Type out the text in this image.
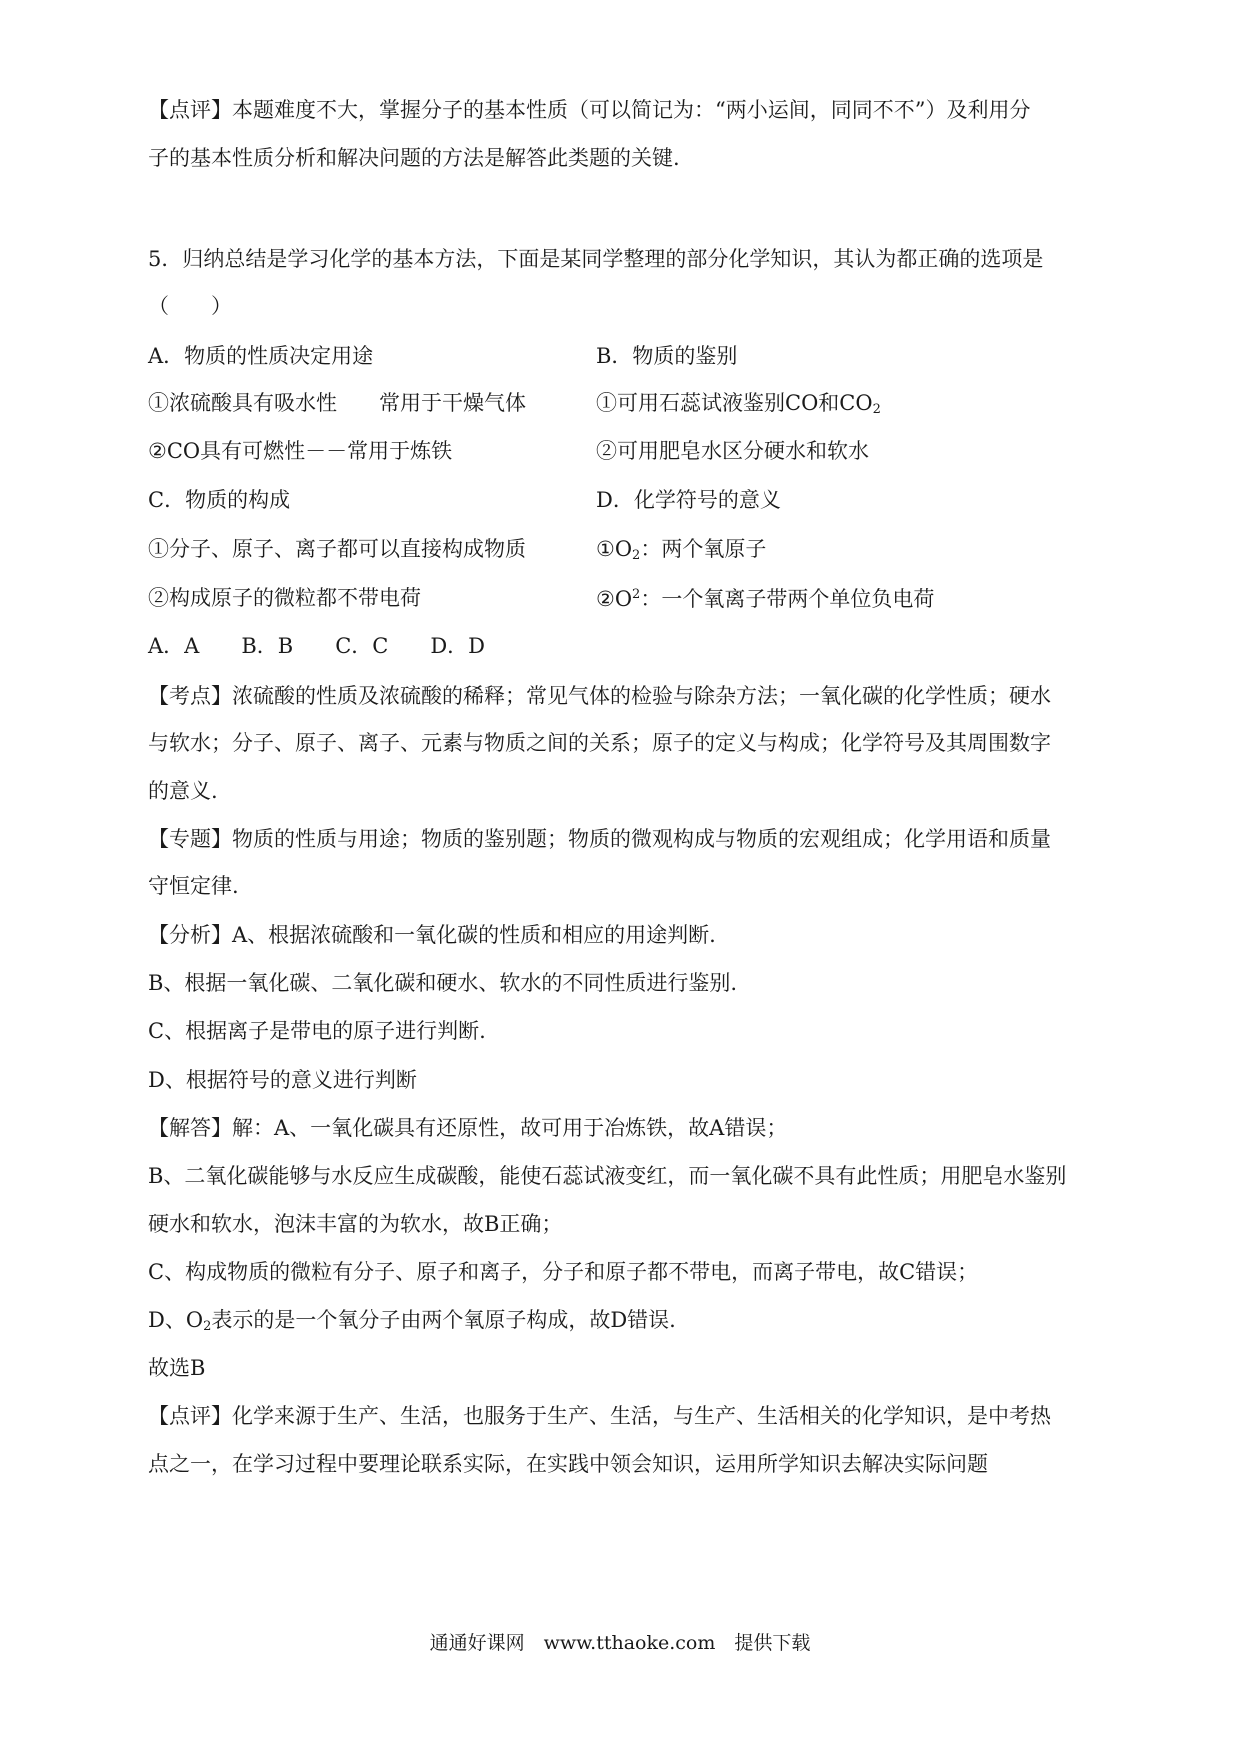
【点评】本题难度不大，掌握分子的基本性质（可以简记为：“两小运间，同同不不”）及利用分
子的基本性质分析和解决问题的方法是解答此类题的关键.
5．归纳总结是学习化学的基本方法，下面是某同学整理的部分化学知识，其认为都正确的选项是
（　　）
A．物质的性质决定用途	B．物质的鉴别
①浓硫酸具有吸水性　　常用于干燥气体	①可用石蕊试液鉴别CO和$CO_2$
②CO具有可燃性－－常用于炼铁	②可用肥皂水区分硬水和软水
C．物质的构成	D．化学符号的意义
①分子、原子、离子都可以直接构成物质	$①O_2$：两个氧原子
②构成原子的微粒都不带电荷	$②O^2$：一个氧离子带两个单位负电荷
A．A　　B．B　　C．C　　D．D
【考点】浓硫酸的性质及浓硫酸的稀释；常见气体的检验与除杂方法；一氧化碳的化学性质；硬水
与软水；分子、原子、离子、元素与物质之间的关系；原子的定义与构成；化学符号及其周围数字
的意义.
【专题】物质的性质与用途；物质的鉴别题；物质的微观构成与物质的宏观组成；化学用语和质量
守恒定律.
【分析】A、根据浓硫酸和一氧化碳的性质和相应的用途判断.
B、根据一氧化碳、二氧化碳和硬水、软水的不同性质进行鉴别.
C、根据离子是带电的原子进行判断.
D、根据符号的意义进行判断
【解答】解：A、一氧化碳具有还原性，故可用于冶炼铁，故A错误；
B、二氧化碳能够与水反应生成碳酸，能使石蕊试液变红，而一氧化碳不具有此性质；用肥皂水鉴别
硬水和软水，泡沫丰富的为软水，故B正确；
C、构成物质的微粒有分子、原子和离子，分子和原子都不带电，而离子带电，故C错误；
D、$O_2$表示的是一个氧分子由两个氧原子构成，故D错误.
故选B
【点评】化学来源于生产、生活，也服务于生产、生活，与生产、生活相关的化学知识，是中考热
点之一，在学习过程中要理论联系实际，在实践中领会知识，运用所学知识去解决实际问题
通通好课网　www.tthaoke.com　提供下载
